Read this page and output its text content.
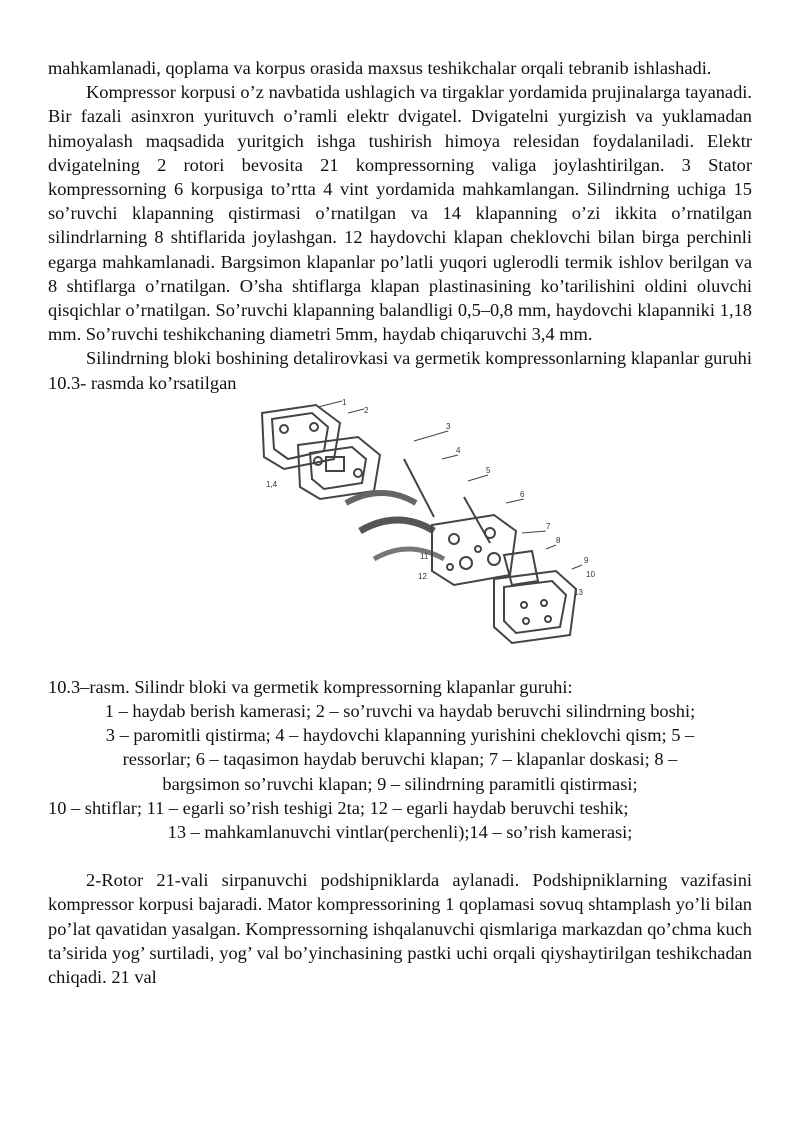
mahkamlanadi, qoplama va korpus orasida maxsus teshikchalar orqali tebranib ishlashadi.

Kompressor korpusi o’z navbatida ushlagich va tirgaklar yordamida prujinalarga tayanadi. Bir fazali asinxron yurituvch o’ramli elektr dvigatel. Dvigatelni yurgizish va yuklamadan himoyalash maqsadida yuritgich ishga tushirish himoya relesidan foydalaniladi. Elektr dvigatelning 2 rotori bevosita 21 kompressorning valiga joylashtirilgan. 3 Stator kompressorning 6 korpusiga to’rtta 4 vint yordamida mahkamlangan. Silindrning uchiga 15 so’ruvchi klapanning qistirmasi o’rnatilgan va 14 klapanning o’zi ikkita o’rnatilgan silindrlarning 8 shtiflarida joylashgan. 12 haydovchi klapan cheklovchi bilan birga perchinli egarga mahkamlanadi. Bargsimon klapanlar po’latli yuqori uglerodli termik ishlov berilgan va 8 shtiflarga o’rnatilgan. O’sha shtiflarga klapan plastinasining ko’tarilishini oldini oluvchi qisqichlar o’rnatilgan. So’ruvchi klapanning balandligi 0,5–0,8 mm, haydovchi klapanniki 1,18 mm. So’ruvchi teshikchaning diametri 5mm, haydab chiqaruvchi 3,4 mm.

Silindrning bloki boshining detalirovkasi va germetik kompressonlarning klapanlar guruhi 10.3- rasmda ko’rsatilgan

1
2
1,4
3
4
5
6
7
8
9
10
11
12
13
10.3–rasm. Silindr bloki va germetik kompressorning klapanlar guruhi:
1 – haydab berish kamerasi; 2 – so’ruvchi va haydab beruvchi silindrning boshi;
3 – paromitli qistirma; 4 – haydovchi klapanning yurishini cheklovchi qism; 5 –
ressorlar; 6 – taqasimon haydab beruvchi klapan; 7 – klapanlar doskasi; 8 –
bargsimon so’ruvchi klapan; 9 – silindrning paramitli qistirmasi;
10 – shtiflar; 11 – egarli so’rish teshigi 2ta; 12 – egarli haydab beruvchi teshik;
13 – mahkamlanuvchi vintlar(perchenli);14 – so’rish kamerasi;

2-Rotor 21-vali sirpanuvchi podshipniklarda aylanadi. Podshipniklarning vazifasini kompressor korpusi bajaradi. Mator kompressorining 1 qoplamasi sovuq shtamplash yo’li bilan po’lat qavatidan yasalgan. Kompressorning ishqalanuvchi qismlariga markazdan qo’chma kuch ta’sirida yog’ surtiladi, yog’ val bo’yinchasining pastki uchi orqali qiyshaytirilgan teshikchadan chiqadi. 21 val
